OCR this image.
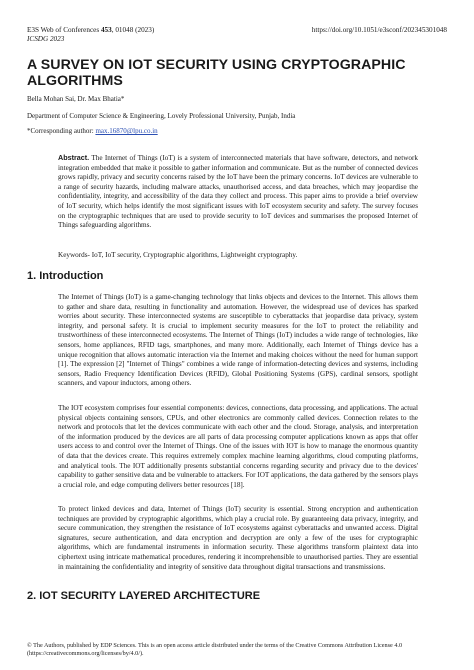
E3S Web of Conferences 453, 01048 (2023)
ICSDG 2023
https://doi.org/10.1051/e3sconf/202345301048
A SURVEY ON IOT SECURITY USING CRYPTOGRAPHIC ALGORITHMS
Bella Mohan Sai, Dr. Max Bhatia*
Department of Computer Science & Engineering, Lovely Professional University, Punjab, India
*Corresponding author: max.16870@lpu.co.in
Abstract. The Internet of Things (IoT) is a system of interconnected materials that have software, detectors, and network integration embedded that make it possible to gather information and communicate. But as the number of connected devices grows rapidly, privacy and security concerns raised by the IoT have been the primary concerns. IoT devices are vulnerable to a range of security hazards, including malware attacks, unauthorised access, and data breaches, which may jeopardise the confidentiality, integrity, and accessibility of the data they collect and process. This paper aims to provide a brief overview of IoT security, which helps identify the most significant issues with IoT ecosystem security and safety. The survey focuses on the cryptographic techniques that are used to provide security to IoT devices and summarises the proposed Internet of Things safeguarding algorithms.
Keywords- IoT, IoT security, Cryptographic algorithms, Lightweight cryptography.
1. Introduction

The Internet of Things (IoT) is a game-changing technology that links objects and devices to the Internet. This allows them to gather and share data, resulting in functionality and automation. However, the widespread use of devices has sparked worries about security. These interconnected systems are susceptible to cyberattacks that jeopardise data privacy, system integrity, and personal safety. It is crucial to implement security measures for the IoT to protect the reliability and trustworthiness of these interconnected ecosystems. The Internet of Things (IoT) includes a wide range of technologies, like sensors, home appliances, RFID tags, smartphones, and many more. Additionally, each Internet of Things device has a unique recognition that allows automatic interaction via the Internet and making choices without the need for human support [1]. The expression [2] "Internet of Things" combines a wide range of information-detecting devices and systems, including sensors, Radio Frequency Identification Devices (RFID), Global Positioning Systems (GPS), cardinal sensors, spotlight scanners, and vapour inductors, among others.

The IOT ecosystem comprises four essential components: devices, connections, data processing, and applications. The actual physical objects containing sensors, CPUs, and other electronics are commonly called devices. Connection relates to the network and protocols that let the devices communicate with each other and the cloud. Storage, analysis, and interpretation of the information produced by the devices are all parts of data processing computer applications known as apps that offer users access to and control over the Internet of Things. One of the issues with IOT is how to manage the enormous quantity of data that the devices create. This requires extremely complex machine learning algorithms, cloud computing platforms, and analytical tools. The IOT additionally presents substantial concerns regarding security and privacy due to the devices' capability to gather sensitive data and be vulnerable to attackers. For IOT applications, the data gathered by the sensors plays a crucial role, and edge computing delivers better resources [18].

To protect linked devices and data, Internet of Things (IoT) security is essential. Strong encryption and authentication techniques are provided by cryptographic algorithms, which play a crucial role. By guaranteeing data privacy, integrity, and secure communication, they strengthen the resistance of IoT ecosystems against cyberattacks and unwanted access. Digital signatures, secure authentication, and data encryption and decryption are only a few of the uses for cryptographic algorithms, which are fundamental instruments in information security. These algorithms transform plaintext data into ciphertext using intricate mathematical procedures, rendering it incomprehensible to unauthorised parties. They are essential in maintaining the confidentiality and integrity of sensitive data throughout digital transactions and transmissions.

2. IOT SECURITY LAYERED ARCHITECTURE
© The Authors, published by EDP Sciences. This is an open access article distributed under the terms of the Creative Commons Attribution License 4.0
(https://creativecommons.org/licenses/by/4.0/).
